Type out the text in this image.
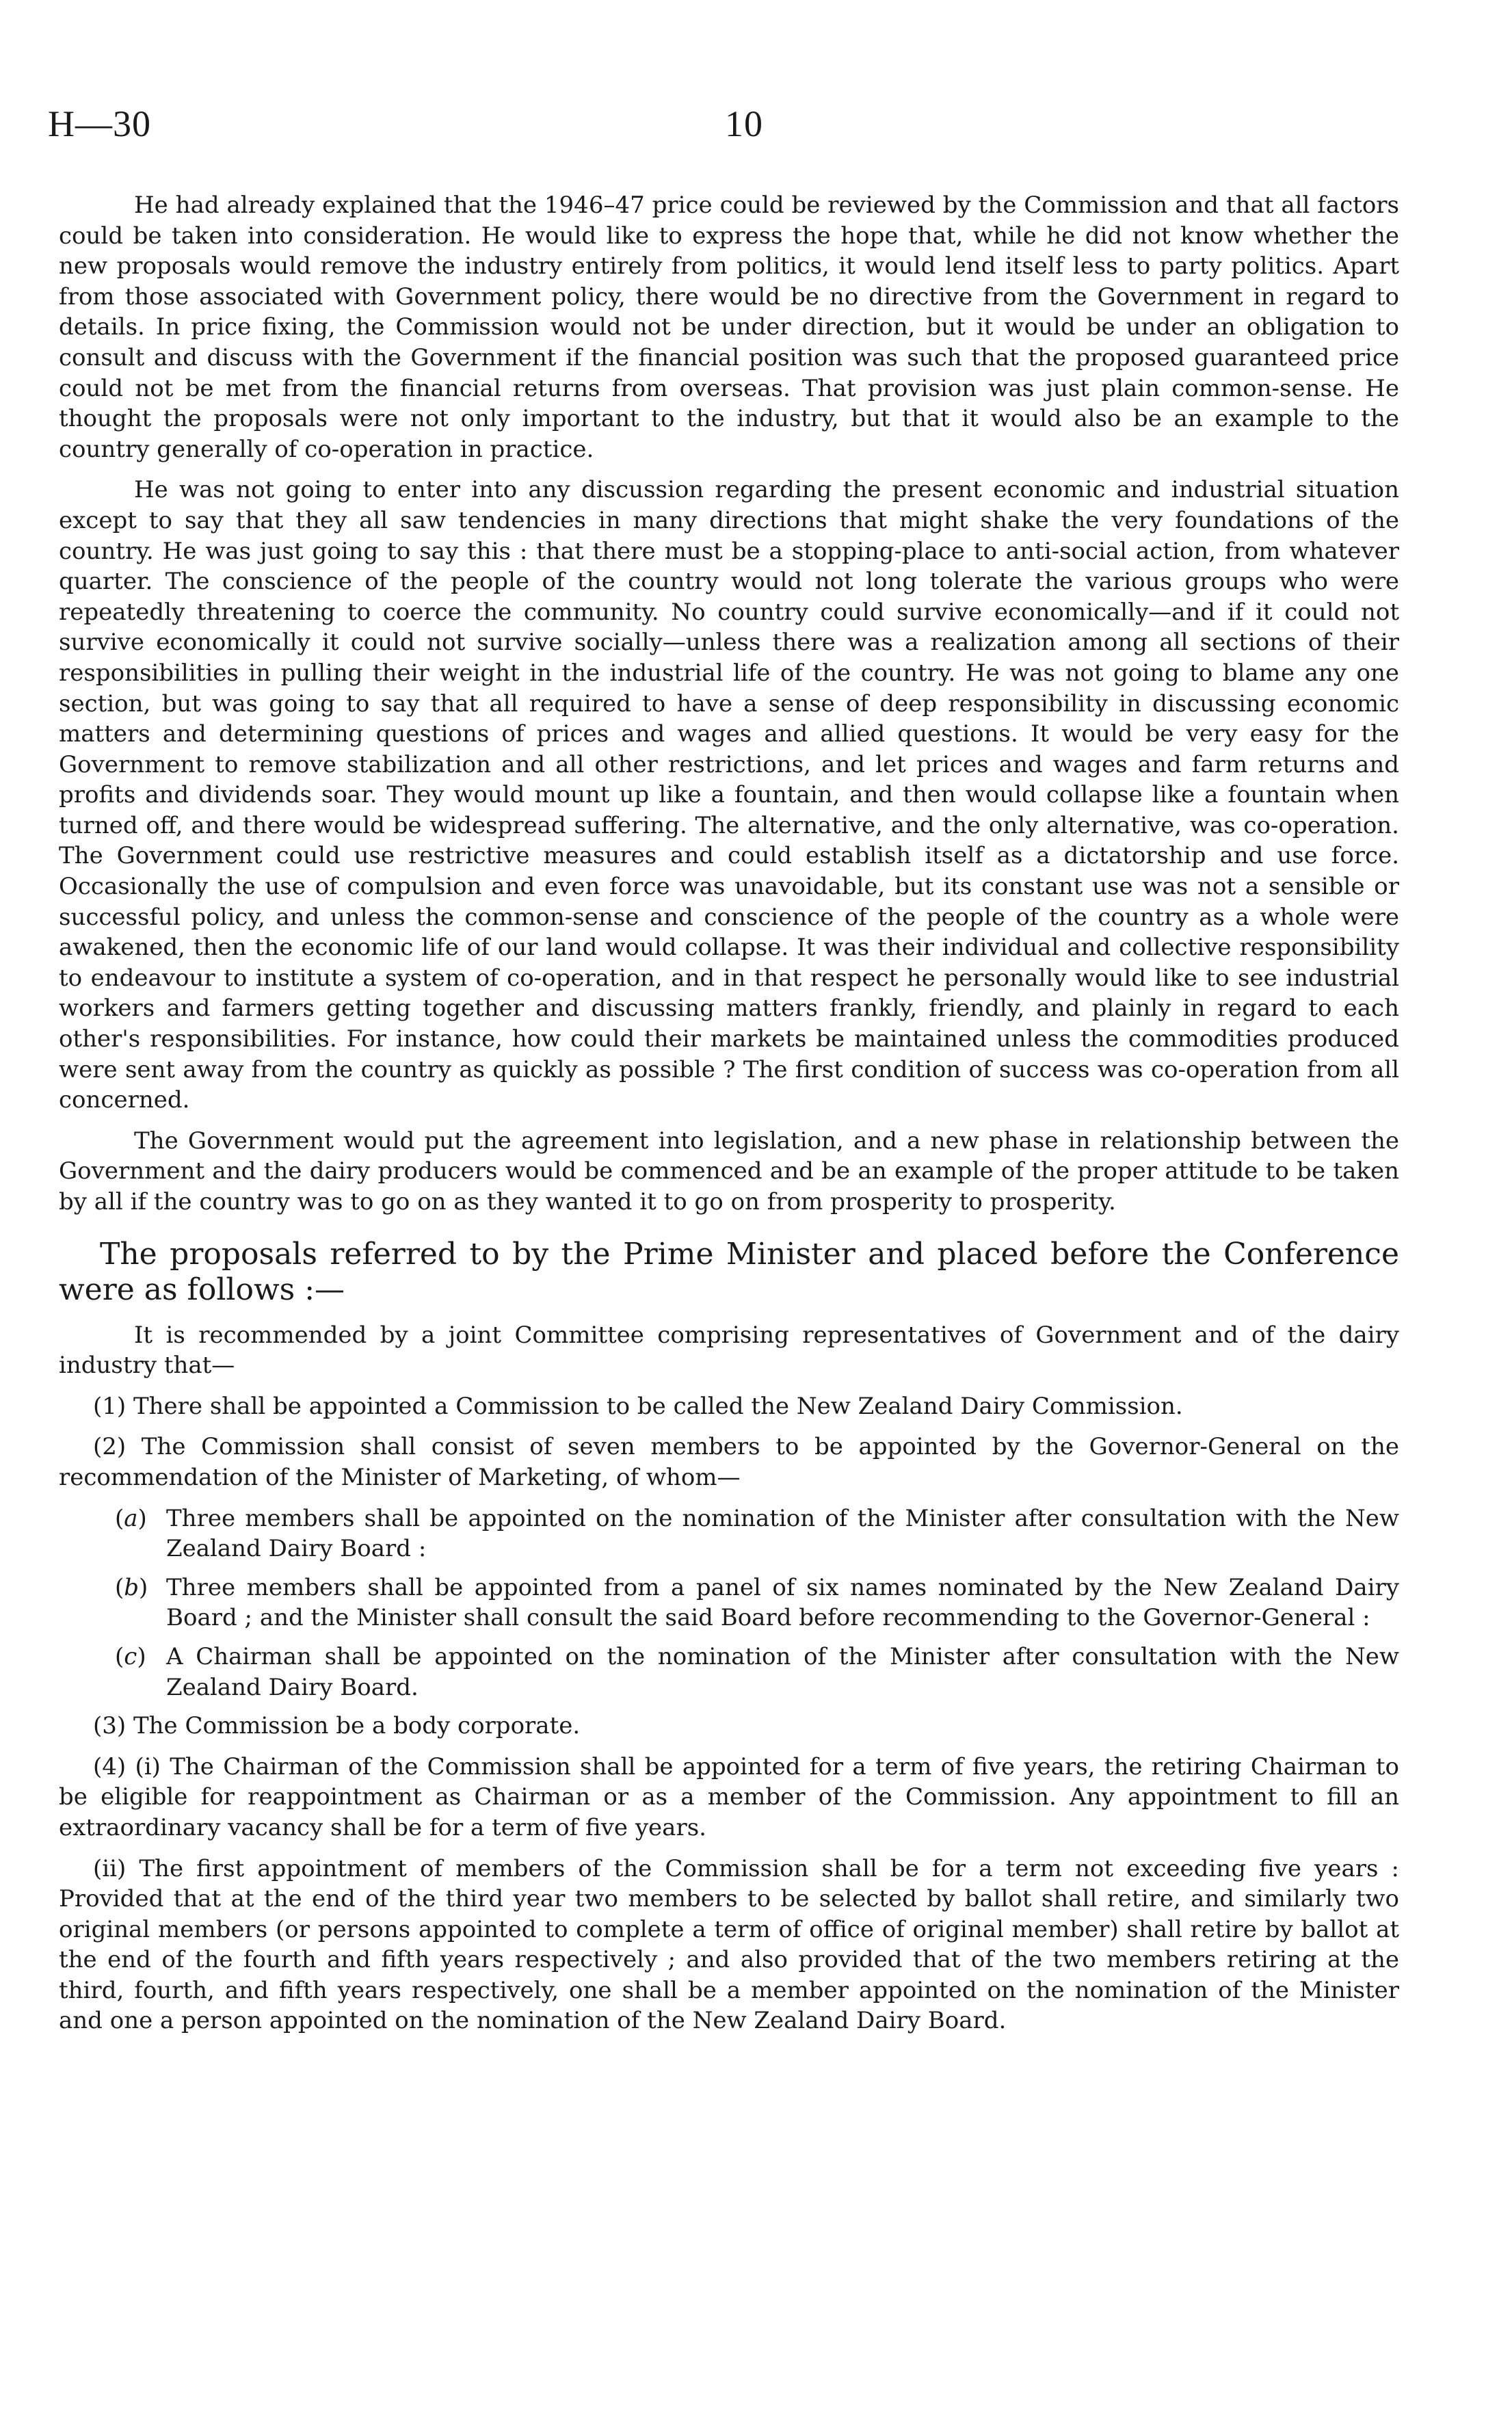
H—30	10

He had already explained that the 1946–47 price could be reviewed by the Commission and that all factors could be taken into consideration. He would like to express the hope that, while he did not know whether the new proposals would remove the industry entirely from politics, it would lend itself less to party politics. Apart from those associated with Government policy, there would be no directive from the Government in regard to details. In price fixing, the Commission would not be under direction, but it would be under an obligation to consult and discuss with the Government if the financial position was such that the proposed guaranteed price could not be met from the financial returns from overseas. That provision was just plain common-sense. He thought the proposals were not only important to the industry, but that it would also be an example to the country generally of co-operation in practice.

He was not going to enter into any discussion regarding the present economic and industrial situation except to say that they all saw tendencies in many directions that might shake the very foundations of the country. He was just going to say this : that there must be a stopping-place to anti-social action, from whatever quarter. The conscience of the people of the country would not long tolerate the various groups who were repeatedly threatening to coerce the community. No country could survive economically—and if it could not survive economically it could not survive socially—unless there was a realization among all sections of their responsibilities in pulling their weight in the industrial life of the country. He was not going to blame any one section, but was going to say that all required to have a sense of deep responsibility in discussing economic matters and determining questions of prices and wages and allied questions. It would be very easy for the Government to remove stabilization and all other restrictions, and let prices and wages and farm returns and profits and dividends soar. They would mount up like a fountain, and then would collapse like a fountain when turned off, and there would be widespread suffering. The alternative, and the only alternative, was co-operation. The Government could use restrictive measures and could establish itself as a dictatorship and use force. Occasionally the use of compulsion and even force was unavoidable, but its constant use was not a sensible or successful policy, and unless the common-sense and conscience of the people of the country as a whole were awakened, then the economic life of our land would collapse. It was their individual and collective responsibility to endeavour to institute a system of co-operation, and in that respect he personally would like to see industrial workers and farmers getting together and discussing matters frankly, friendly, and plainly in regard to each other's responsibilities. For instance, how could their markets be maintained unless the commodities produced were sent away from the country as quickly as possible ? The first condition of success was co-operation from all concerned.

The Government would put the agreement into legislation, and a new phase in relationship between the Government and the dairy producers would be commenced and be an example of the proper attitude to be taken by all if the country was to go on as they wanted it to go on from prosperity to prosperity.

The proposals referred to by the Prime Minister and placed before the Conference were as follows :—

It is recommended by a joint Committee comprising representatives of Government and of the dairy industry that—

(1) There shall be appointed a Commission to be called the New Zealand Dairy Commission.

(2) The Commission shall consist of seven members to be appointed by the Governor-General on the recommendation of the Minister of Marketing, of whom—

(a) Three members shall be appointed on the nomination of the Minister after consultation with the New Zealand Dairy Board :

(b) Three members shall be appointed from a panel of six names nominated by the New Zealand Dairy Board ; and the Minister shall consult the said Board before recommending to the Governor-General :

(c) A Chairman shall be appointed on the nomination of the Minister after consultation with the New Zealand Dairy Board.

(3) The Commission be a body corporate.

(4) (i) The Chairman of the Commission shall be appointed for a term of five years, the retiring Chairman to be eligible for reappointment as Chairman or as a member of the Commission. Any appointment to fill an extraordinary vacancy shall be for a term of five years.

(ii) The first appointment of members of the Commission shall be for a term not exceeding five years : Provided that at the end of the third year two members to be selected by ballot shall retire, and similarly two original members (or persons appointed to complete a term of office of original member) shall retire by ballot at the end of the fourth and fifth years respectively ; and also provided that of the two members retiring at the third, fourth, and fifth years respectively, one shall be a member appointed on the nomination of the Minister and one a person appointed on the nomination of the New Zealand Dairy Board.
